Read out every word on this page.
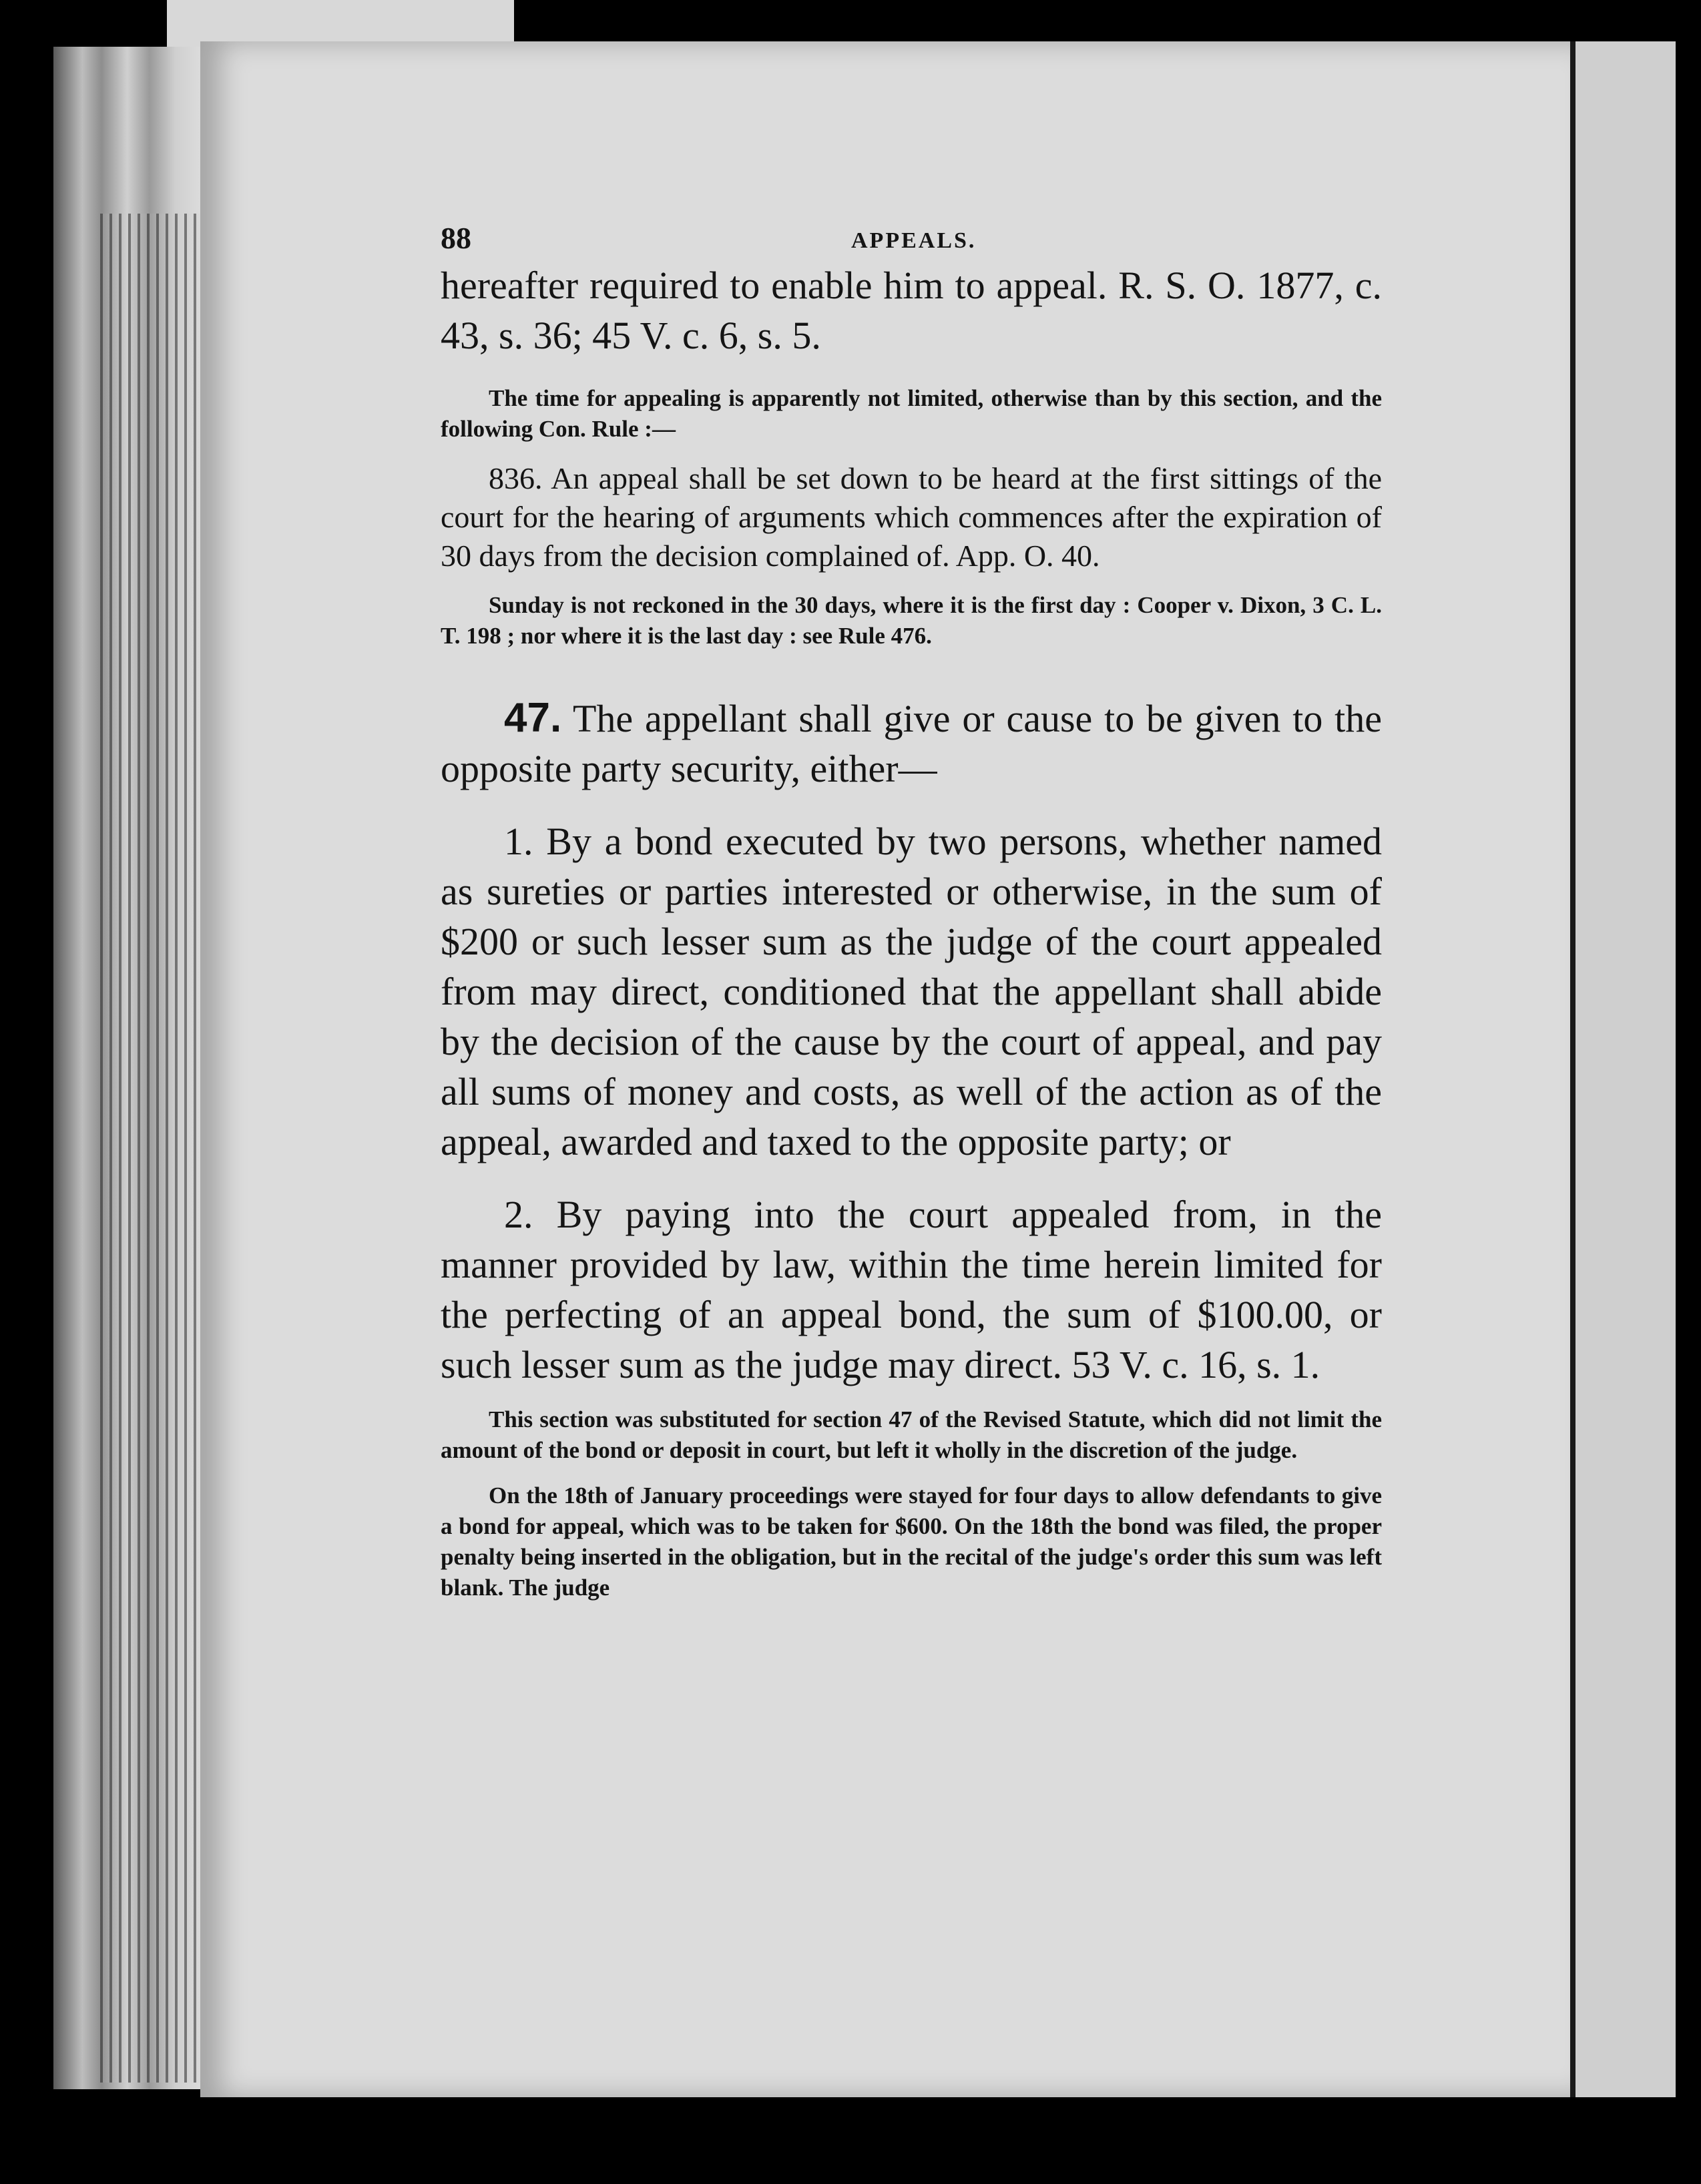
88	APPEALS.

hereafter required to enable him to appeal. R. S. O. 1877, c. 43, s. 36; 45 V. c. 6, s. 5.

The time for appealing is apparently not limited, otherwise than by this section, and the following Con. Rule :—

836. An appeal shall be set down to be heard at the first sittings of the court for the hearing of arguments which commences after the expiration of 30 days from the decision complained of. App. O. 40.

Sunday is not reckoned in the 30 days, where it is the first day : Cooper v. Dixon, 3 C. L. T. 198 ; nor where it is the last day : see Rule 476.

47. The appellant shall give or cause to be given to the opposite party security, either—

1. By a bond executed by two persons, whether named as sureties or parties interested or otherwise, in the sum of $200 or such lesser sum as the judge of the court appealed from may direct, conditioned that the appellant shall abide by the decision of the cause by the court of appeal, and pay all sums of money and costs, as well of the action as of the appeal, awarded and taxed to the opposite party; or

2. By paying into the court appealed from, in the manner provided by law, within the time herein limited for the perfecting of an appeal bond, the sum of $100.00, or such lesser sum as the judge may direct. 53 V. c. 16, s. 1.

This section was substituted for section 47 of the Revised Statute, which did not limit the amount of the bond or deposit in court, but left it wholly in the discretion of the judge.

On the 18th of January proceedings were stayed for four days to allow defendants to give a bond for appeal, which was to be taken for $600. On the 18th the bond was filed, the proper penalty being inserted in the obligation, but in the recital of the judge's order this sum was left blank. The judge
